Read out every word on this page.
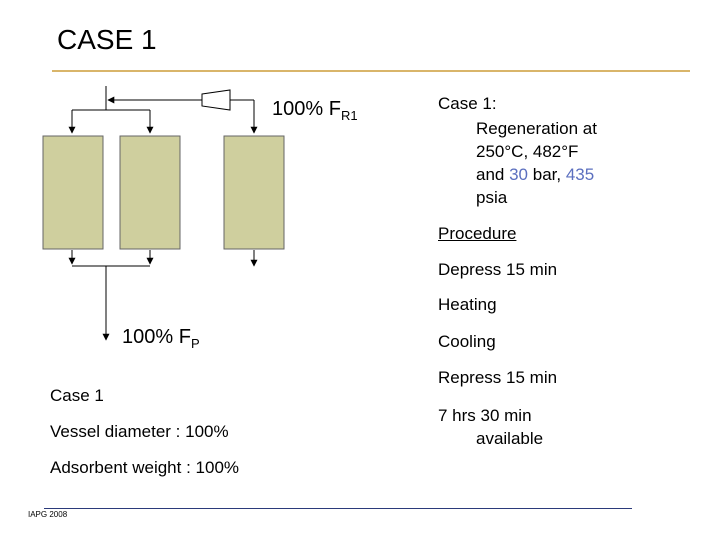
CASE 1
100% $F_{R1}$
100% $F_P$
Case 1:
Regeneration at
250°C, 482°F
and 30 bar, 435
psia
Procedure
Depress 15 min
Heating
Cooling
Repress 15 min
7 hrs 30 min
available
Case 1
Vessel diameter : 100%
Adsorbent weight : 100%
IAPG 2008
